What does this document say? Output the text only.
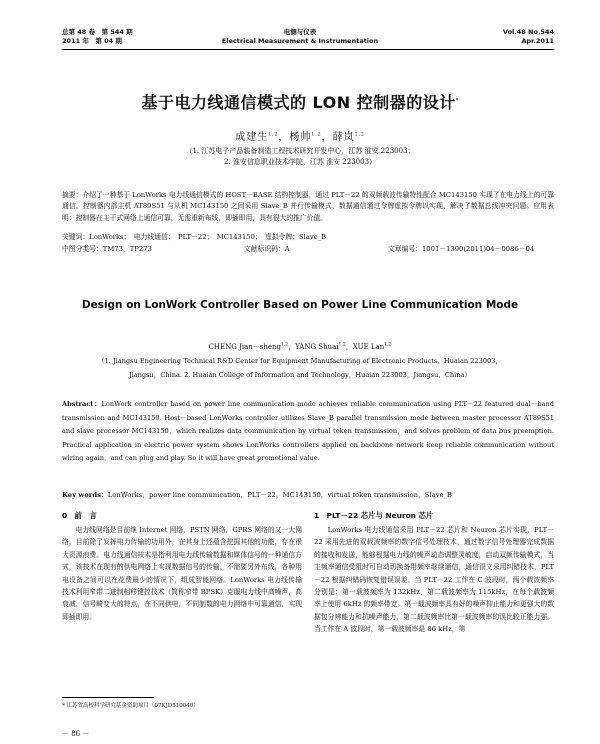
总第 48 卷　第 544 期
2011 年　第 04 期
电测与仪表
Electrical Measurement & Instrumentation
Vol.48 No.544
Apr.2011
基于电力线通信模式的 LON 控制器的设计*
成建生$^{1,2}$，杨帅$^{1,2}$，薛岚$^{1,2}$
（1. 江苏电子产品装备制造工程技术研究开发中心，江苏 淮安 223003；
2. 淮安信息职业技术学院，江苏 淮安 223003）
摘要：介绍了一种基于 LonWorks 电力线通信模式的 HOST－BASE 结构控制器，通过 PLT－22 的双频载波传输特性配合 MC143150 实现了在电力线上的可靠通信。控制器内部主机 AT89S51 与从机 MC143150 之间采用 Slave_B 并行传输模式，数据通信通过令牌虚拟令牌以实现，解决了数据总线冲突问题。应用表明：控制器在主干式网络上通信可靠，无需重新布线，即插即用，具有很大的推广价值。
关键词：LonWorks；　电力线通信；　PLT－22；　MC143150；　虚拟令牌；Slave_B
中图分类号：TM73，TP273	文献标识码：A	文章编号：1001－1390(2011)04－0086－04
Design on LonWork Controller Based on Power Line Communication Mode
CHENG Jian－sheng$^{1,2}$，YANG Shuai$^{1,2}$，XUE Lan$^{1,2}$
（1. Jiangsu Engineering Technical R&D Center for Equipment Manufacturing of Electronic Products，Huaian 223003，
Jiangsu，China. 2. Huaian College of Information and Technology，Huaian 223003，Jiangsu，China）
Abstract：LonWork controller based on power line communication mode achieves reliable communication using PLT－22 featured dual－band transmission and MC143150. Host－based LonWorks controller utilizes Slave_B parallel transmission mode between master processor AT89S51 and slave processor MC143150，which realizes data communication by virtual token transmission，and solves problem of data bus preemption. Practical application in electric power system shows LonWorks controllers applied on backbone network keep reliable communication without wiring again，and can plug and play. So it will have great promotional value.
Key words：LonWorks，power line communication，PLT－22，MC143150，virtual token transmission，Slave_B
0　前　言
电力线网络是目前继 Internet 网络，PSTN 网络，GPRS 网络的又一大网络，目前除了发挥电力传输的功用外，在其身上还蕴含挖掘其他的功能，存在很大资源浪费。电力线通信技术是指利用电力线传输数据和媒体信号的一种通信方式，该技术在现有的供电网络上实现数据信号的传输，不需要另外布线，各种用电设备之间可以在花费最少的情况下，组成智能网络。LonWorks 电力线传输技术利用窄带二进制相移键控技术（简称窄带 BPSK）克服电力线中高噪声，高衰减，信号畸变大的特点，在不同供电，不同制数的电力网络中可靠通信，实现即插即用。
* 江苏省高校科学研究基金资助项目（07KJD510040）
1　PLT－22 芯片与 Neuron 芯片
LonWorks 电力线通信采用 PLT－22 芯片和 Neuron 芯片实现，PLT－22 采用先进的双载波频率的数字信号处理技术，通过数字信号处理器完成数据的接收和发送，能够根据电力线的噪声动态调整灵敏度，启动双频传输模式，当主频率通信受阻时可自动切换备用频率继续通信，通信很文采用纠错技术，PLT－22 根据纠错码恢复错误误差。当 PLT－22 工作在 C 波段时，两个载波频率分别是：第一载波频率为 132kHz，第二载波频率为 115kHz，在每个载波频率上使用 6kHz 的频率带宽。第一载波频率具有好的噪声抑止能力和更强大的数据包分辨能力和抗噪声能力，第二载波频率比第一载波频率的误比较正能力强。当工作在 A 波段时，第一载波频率是 86 kHz，第
－ 86 －
